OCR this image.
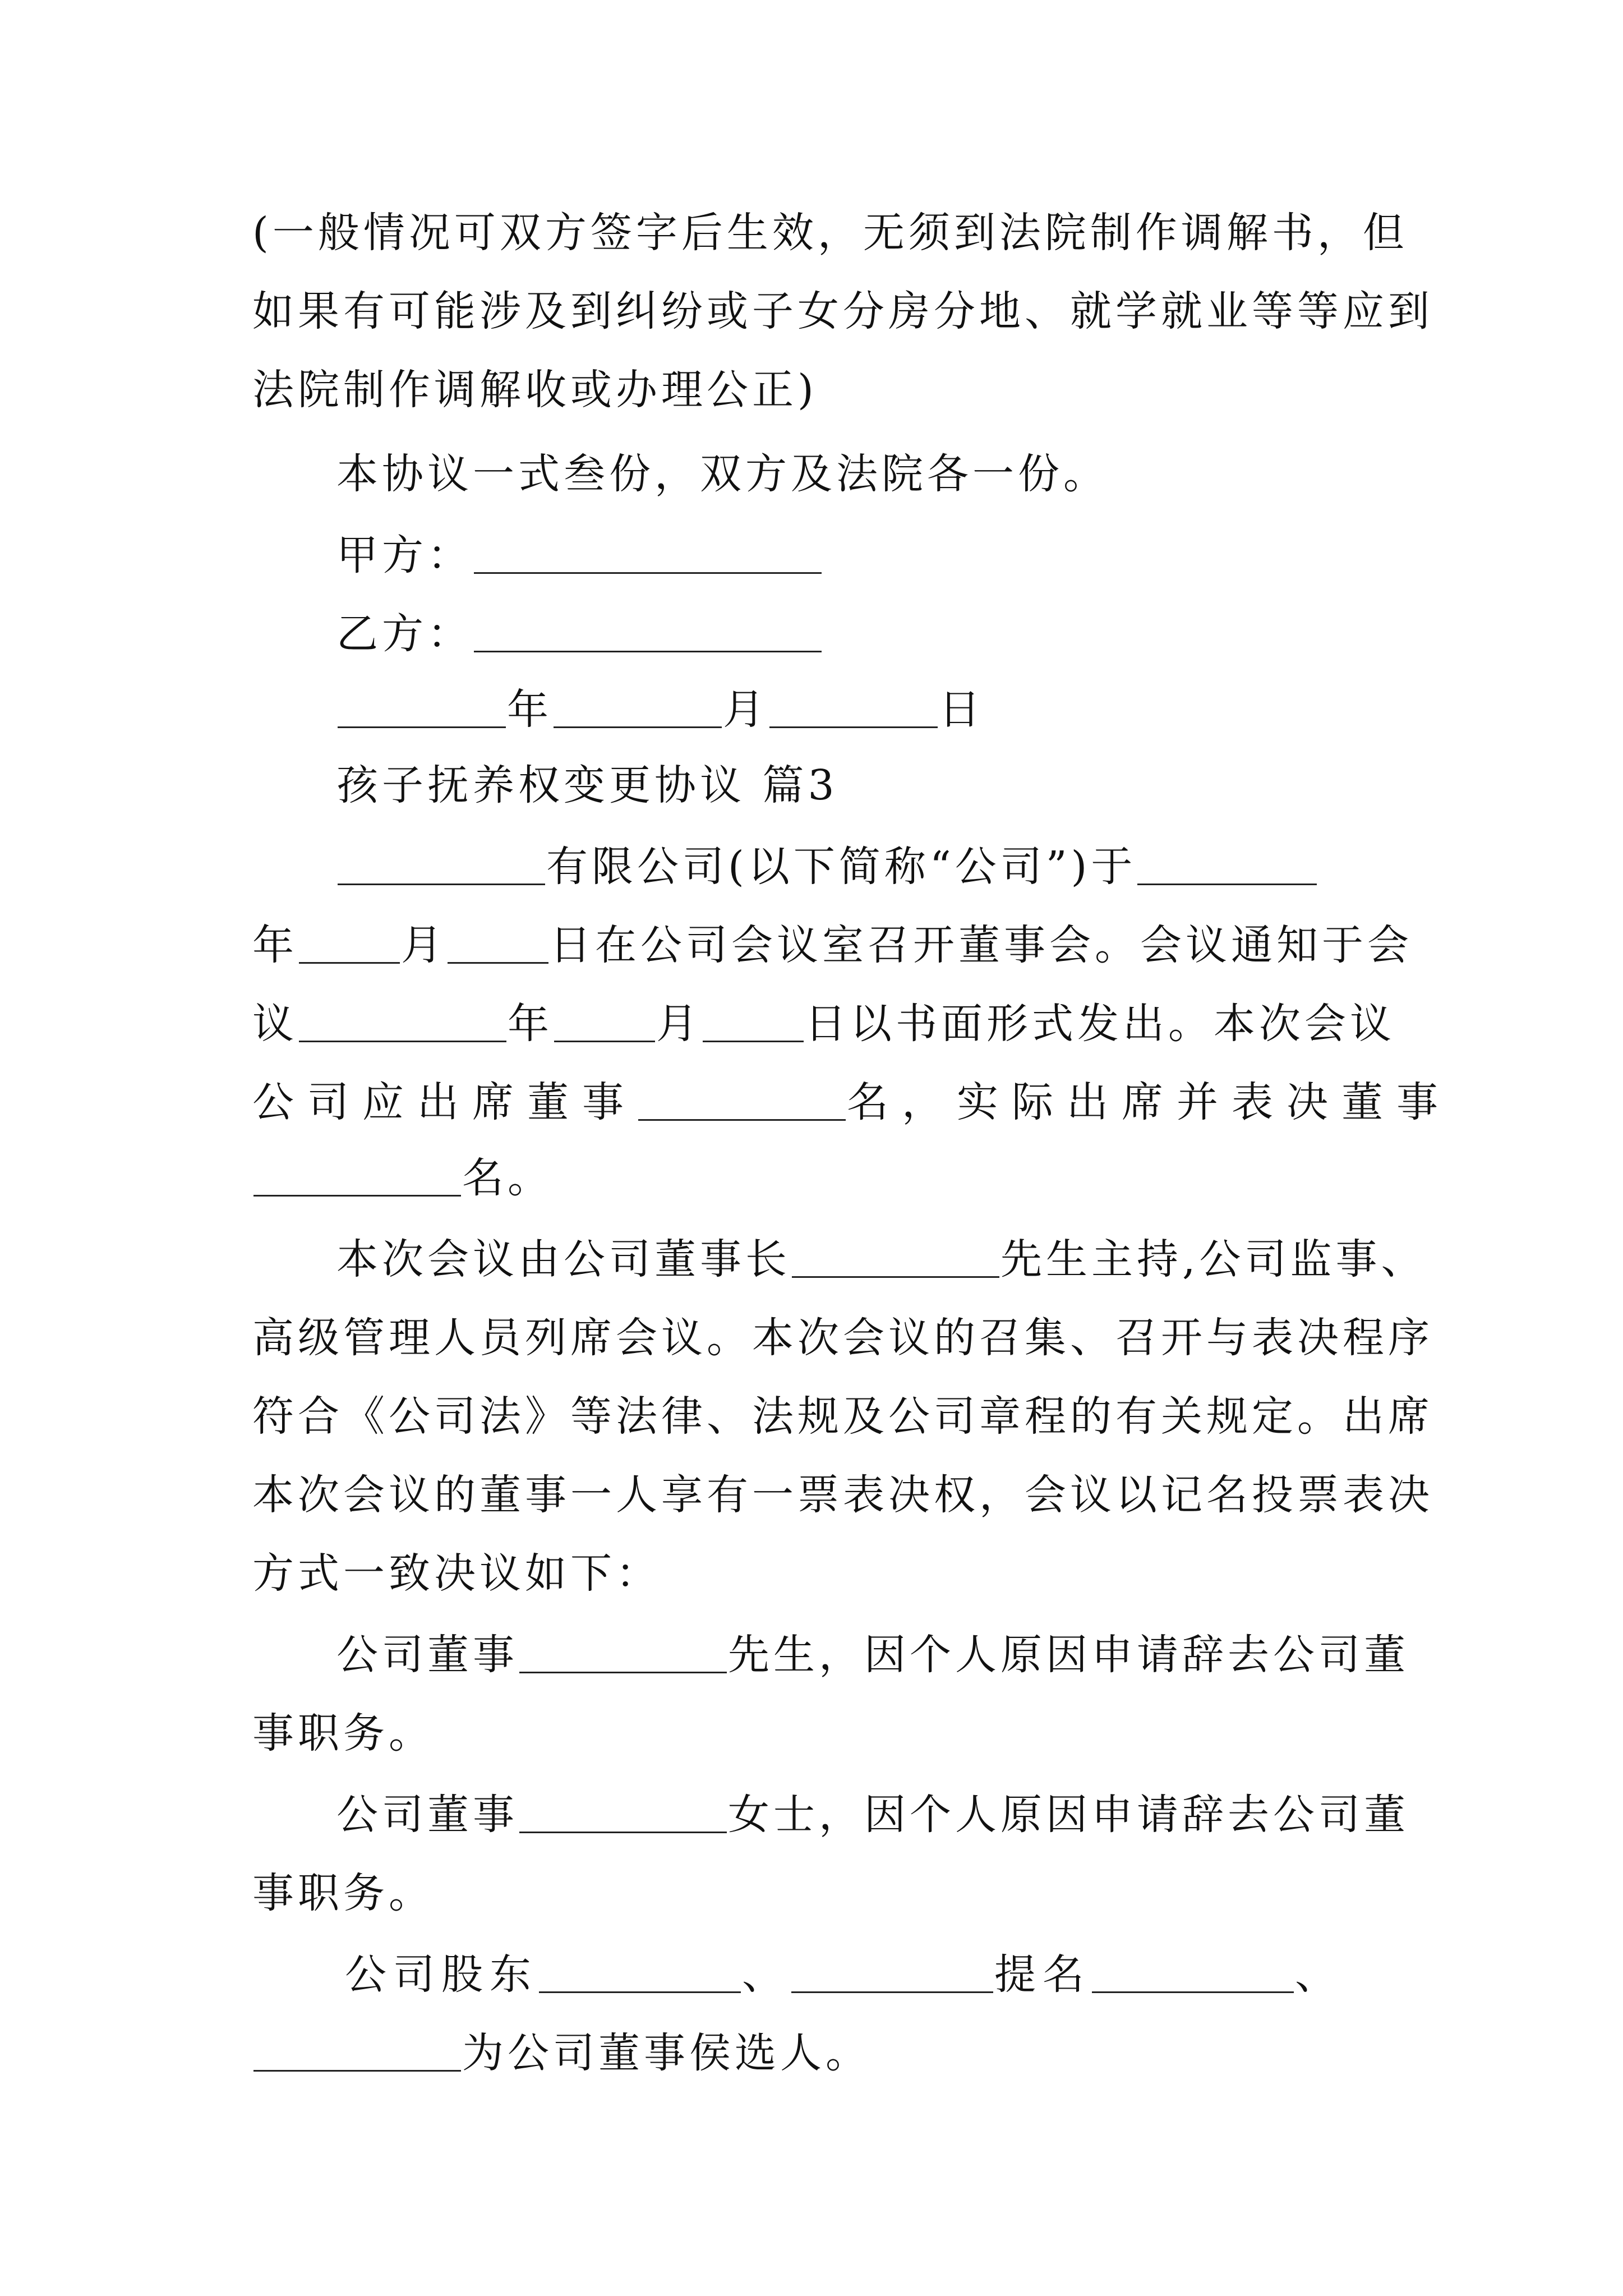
(一般情况可双方签字后生效，无须到法院制作调解书，但
如果有可能涉及到纠纷或子女分房分地、就学就业等等应到
法院制作调解收或办理公正)
本协议一式叁份，双方及法院各一份。
甲方：
乙方：
年	月	日
孩子抚养权变更协议 篇3
有限公司(以下简称“公司”)于
年 月 日在公司会议室召开董事会。会议通知于会
议	年 月 日以书面形式发出。本次会议
公司应出席董事	名，实际出席并表决董事
名。
本次会议由公司董事长	先生主持,公司监事、
高级管理人员列席会议。本次会议的召集、召开与表决程序
符合《公司法》等法律、法规及公司章程的有关规定。出席
本次会议的董事一人享有一票表决权，会议以记名投票表决
方式一致决议如下：
公司董事	先生，因个人原因申请辞去公司董
事职务。
公司董事	女士，因个人原因申请辞去公司董
事职务。
公司股东	、	提名	、
为公司董事侯选人。
